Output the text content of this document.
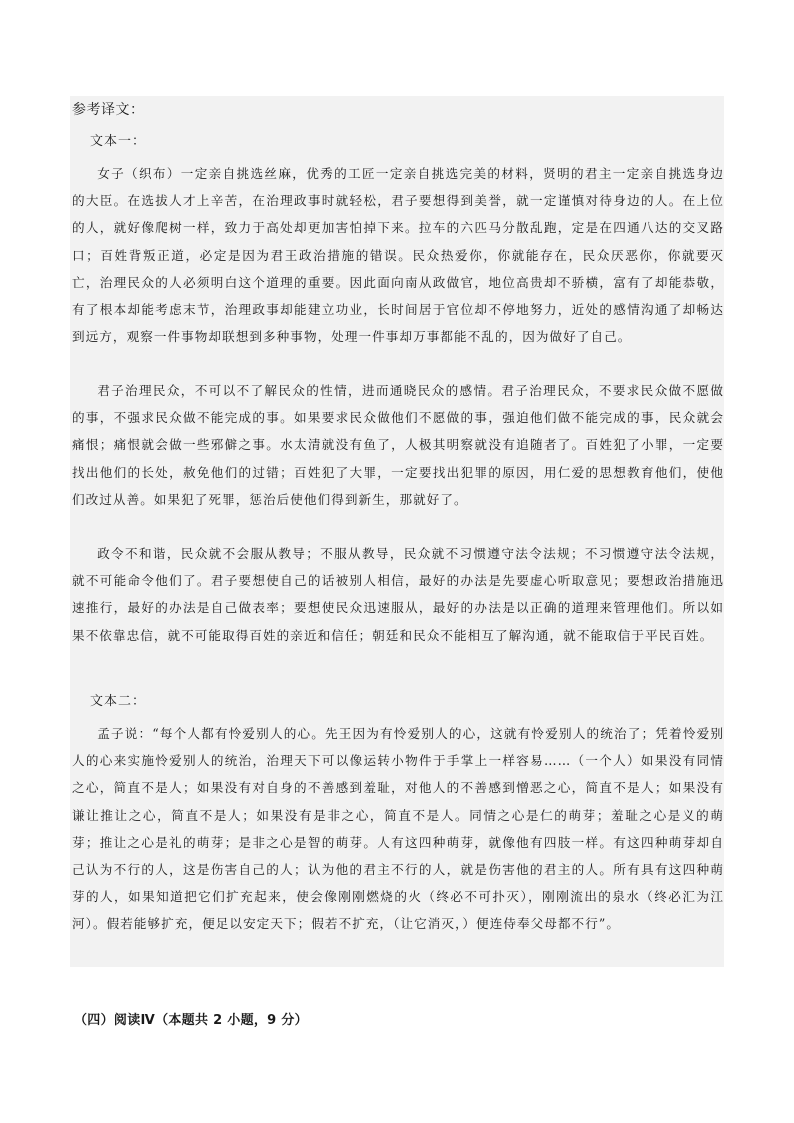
参考译文：
文本一：

女子（织布）一定亲自挑选丝麻，优秀的工匠一定亲自挑选完美的材料，贤明的君主一定亲自挑选身边的大臣。在选拔人才上辛苦，在治理政事时就轻松，君子要想得到美誉，就一定谨慎对待身边的人。在上位的人，就好像爬树一样，致力于高处却更加害怕掉下来。拉车的六匹马分散乱跑，定是在四通八达的交叉路口；百姓背叛正道，必定是因为君王政治措施的错误。民众热爱你，你就能存在，民众厌恶你，你就要灭亡，治理民众的人必须明白这个道理的重要。因此面向南从政做官，地位高贵却不骄横，富有了却能恭敬，有了根本却能考虑末节，治理政事却能建立功业，长时间居于官位却不停地努力，近处的感情沟通了却畅达到远方，观察一件事物却联想到多种事物，处理一件事却万事都能不乱的，因为做好了自己。

君子治理民众，不可以不了解民众的性情，进而通晓民众的感情。君子治理民众，不要求民众做不愿做的事，不强求民众做不能完成的事。如果要求民众做他们不愿做的事，强迫他们做不能完成的事，民众就会痛恨；痛恨就会做一些邪僻之事。水太清就没有鱼了，人极其明察就没有追随者了。百姓犯了小罪，一定要找出他们的长处，赦免他们的过错；百姓犯了大罪，一定要找出犯罪的原因，用仁爱的思想教育他们，使他们改过从善。如果犯了死罪，惩治后使他们得到新生，那就好了。

政令不和谐，民众就不会服从教导；不服从教导，民众就不习惯遵守法令法规；不习惯遵守法令法规，就不可能命令他们了。君子要想使自己的话被别人相信，最好的办法是先要虚心听取意见；要想政治措施迅速推行，最好的办法是自己做表率；要想使民众迅速服从，最好的办法是以正确的道理来管理他们。所以如果不依靠忠信，就不可能取得百姓的亲近和信任；朝廷和民众不能相互了解沟通，就不能取信于平民百姓。

文本二：

孟子说：“每个人都有怜爱别人的心。先王因为有怜爱别人的心，这就有怜爱别人的统治了；凭着怜爱别人的心来实施怜爱别人的统治，治理天下可以像运转小物件于手掌上一样容易……（一个人）如果没有同情之心，简直不是人；如果没有对自身的不善感到羞耻，对他人的不善感到憎恶之心，简直不是人；如果没有谦让推让之心，简直不是人；如果没有是非之心，简直不是人。同情之心是仁的萌芽；羞耻之心是义的萌芽；推让之心是礼的萌芽；是非之心是智的萌芽。人有这四种萌芽，就像他有四肢一样。有这四种萌芽却自己认为不行的人，这是伤害自己的人；认为他的君主不行的人，就是伤害他的君主的人。所有具有这四种萌芽的人，如果知道把它们扩充起来，使会像刚刚燃烧的火（终必不可扑灭），刚刚流出的泉水（终必汇为江河）。假若能够扩充，便足以安定天下；假若不扩充，（让它消灭，）便连侍奉父母都不行”。

（四）阅读Ⅳ（本题共 2 小题，9 分）
